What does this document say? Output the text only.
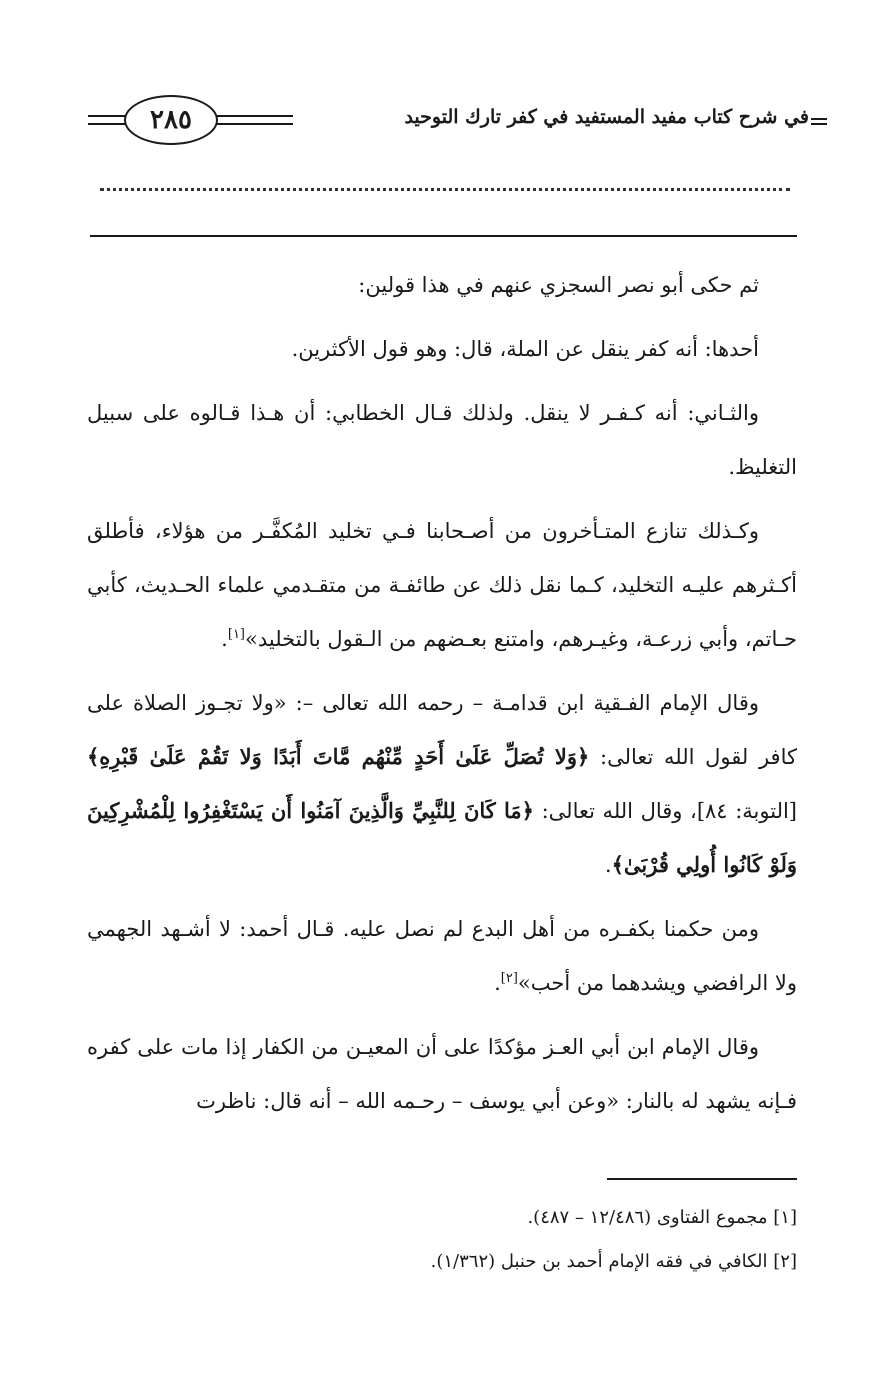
في شرح كتاب مفيد المستفيد في كفر تارك التوحيد
٢٨٥

ثم حكى أبو نصر السجزي عنهم في هذا قولين:

أحدها: أنه كفر ينقل عن الملة، قال: وهو قول الأكثرين.

والثـاني: أنه كـفـر لا ينقل. ولذلك قـال الخطابي: أن هـذا قـالوه على سبيل التغليظ.

وكـذلك تنازع المتـأخرون من أصـحابنا فـي تخليد المُكفَّـر من هؤلاء، فأطلق أكـثرهم عليـه التخليد، كـما نقل ذلك عن طائفـة من متقـدمي علماء الحـديث، كأبي حـاتم، وأبي زرعـة، وغيـرهم، وامتنع بعـضهم من الـقول بالتخليد»[١].

وقال الإمام الفـقية ابن قدامـة – رحمه الله تعالى –: «ولا تجـوز الصلاة على كافر لقول الله تعالى: ﴿وَلا تُصَلِّ عَلَىٰ أَحَدٍ مِّنْهُم مَّاتَ أَبَدًا وَلا تَقُمْ عَلَىٰ قَبْرِهِ﴾ [التوبة: ٨٤]، وقال الله تعالى: ﴿مَا كَانَ لِلنَّبِيِّ وَالَّذِينَ آمَنُوا أَن يَسْتَغْفِرُوا لِلْمُشْرِكِينَ وَلَوْ كَانُوا أُولِي قُرْبَىٰ﴾.

ومن حكمنا بكفـره من أهل البدع لم نصل عليه. قـال أحمد: لا أشـهد الجهمي ولا الرافضي ويشدهما من أحب»[٢].

وقال الإمام ابن أبي العـز مؤكدًا على أن المعيـن من الكفار إذا مات على كفره فـإنه يشهد له بالنار: «وعن أبي يوسف – رحـمه الله – أنه قال: ناظرت

[١] مجموع الفتاوى (١٢/٤٨٦ – ٤٨٧).
[٢] الكافي في فقه الإمام أحمد بن حنبل (١/٣٦٢).
